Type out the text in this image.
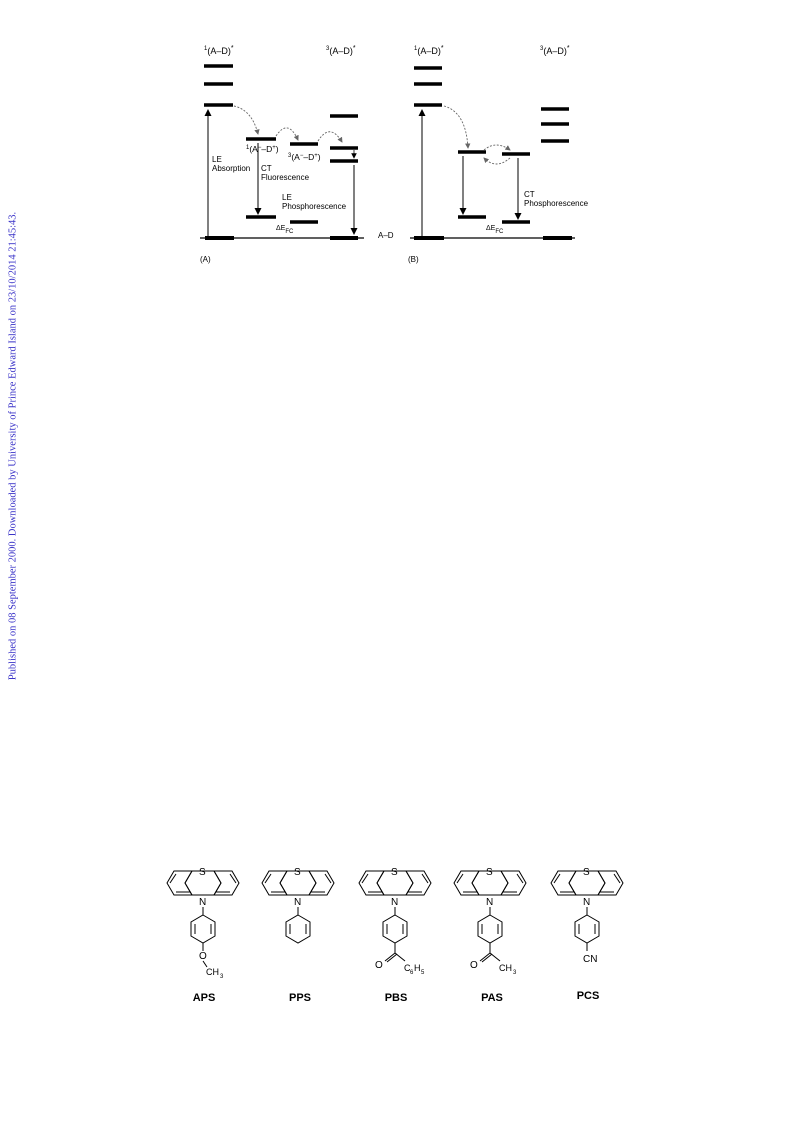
Published on 08 September 2000. Downloaded by University of Prince Edward Island on 23/10/2014 21:45:43.
$^1$(A–D)*	$^3$(A–D)*
LE
Absorption CT
Fluorescence
$^1$(A−–D+)
$^3$(A−–D+)
LE
Phosphorescence
ΔEFC
(A)
$^1$(A–D)*	$^3$(A–D)*
A–D
CT
Phosphorescence
ΔEFC
(B)
S
N
O
CH 3
S
N
S
N
O C 6 H 5
S
N
O CH 3
S
N
CN
APS	PPS	PBS	PAS	PCS
